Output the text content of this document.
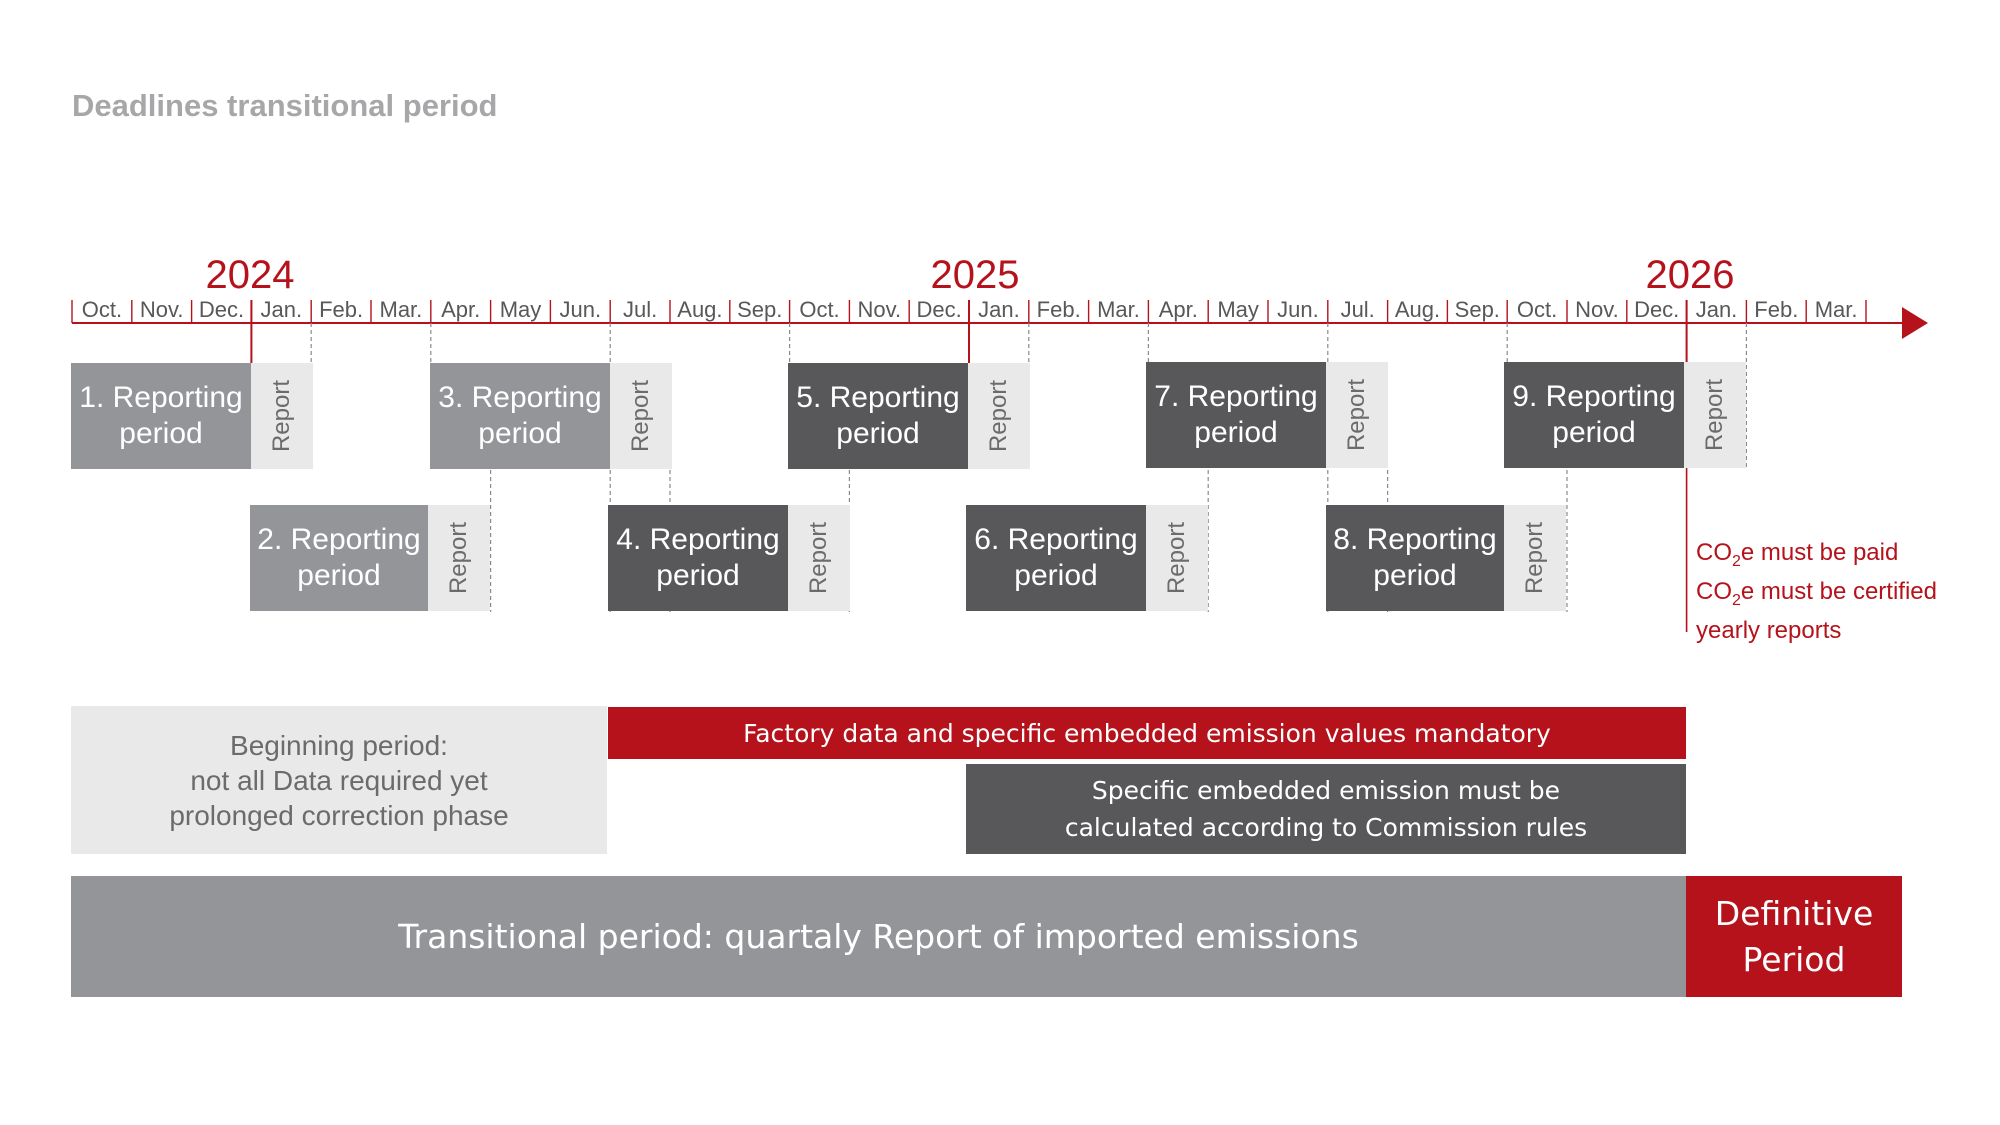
Deadlines transitional period
Oct. Nov. Dec. Jan. Feb. Mar. Apr. May Jun. Jul. Aug. Sep. Oct. Nov. Dec. Jan. Feb. Mar. Apr. May Jun. Jul. Aug. Sep. Oct. Nov. Dec. Jan. Feb. Mar.
2024	2025	2026
1. Reporting
period	Report
2. Reporting
period	Report
3. Reporting
period	Report
4. Reporting
period	Report
5. Reporting
period	Report
6. Reporting
period	Report
7. Reporting
period	Report
8. Reporting
period	Report
9. Reporting
period	Report
$CO_2e$ must be paid
$CO_2e$ must be certified
yearly reports
Beginning period:
not all Data required yet
prolonged correction phase
Factory data and specific embedded emission values mandatory
Specific embedded emission must be
calculated according to Commission rules
Transitional period: quartaly Report of imported emissions
Definitive
Period
